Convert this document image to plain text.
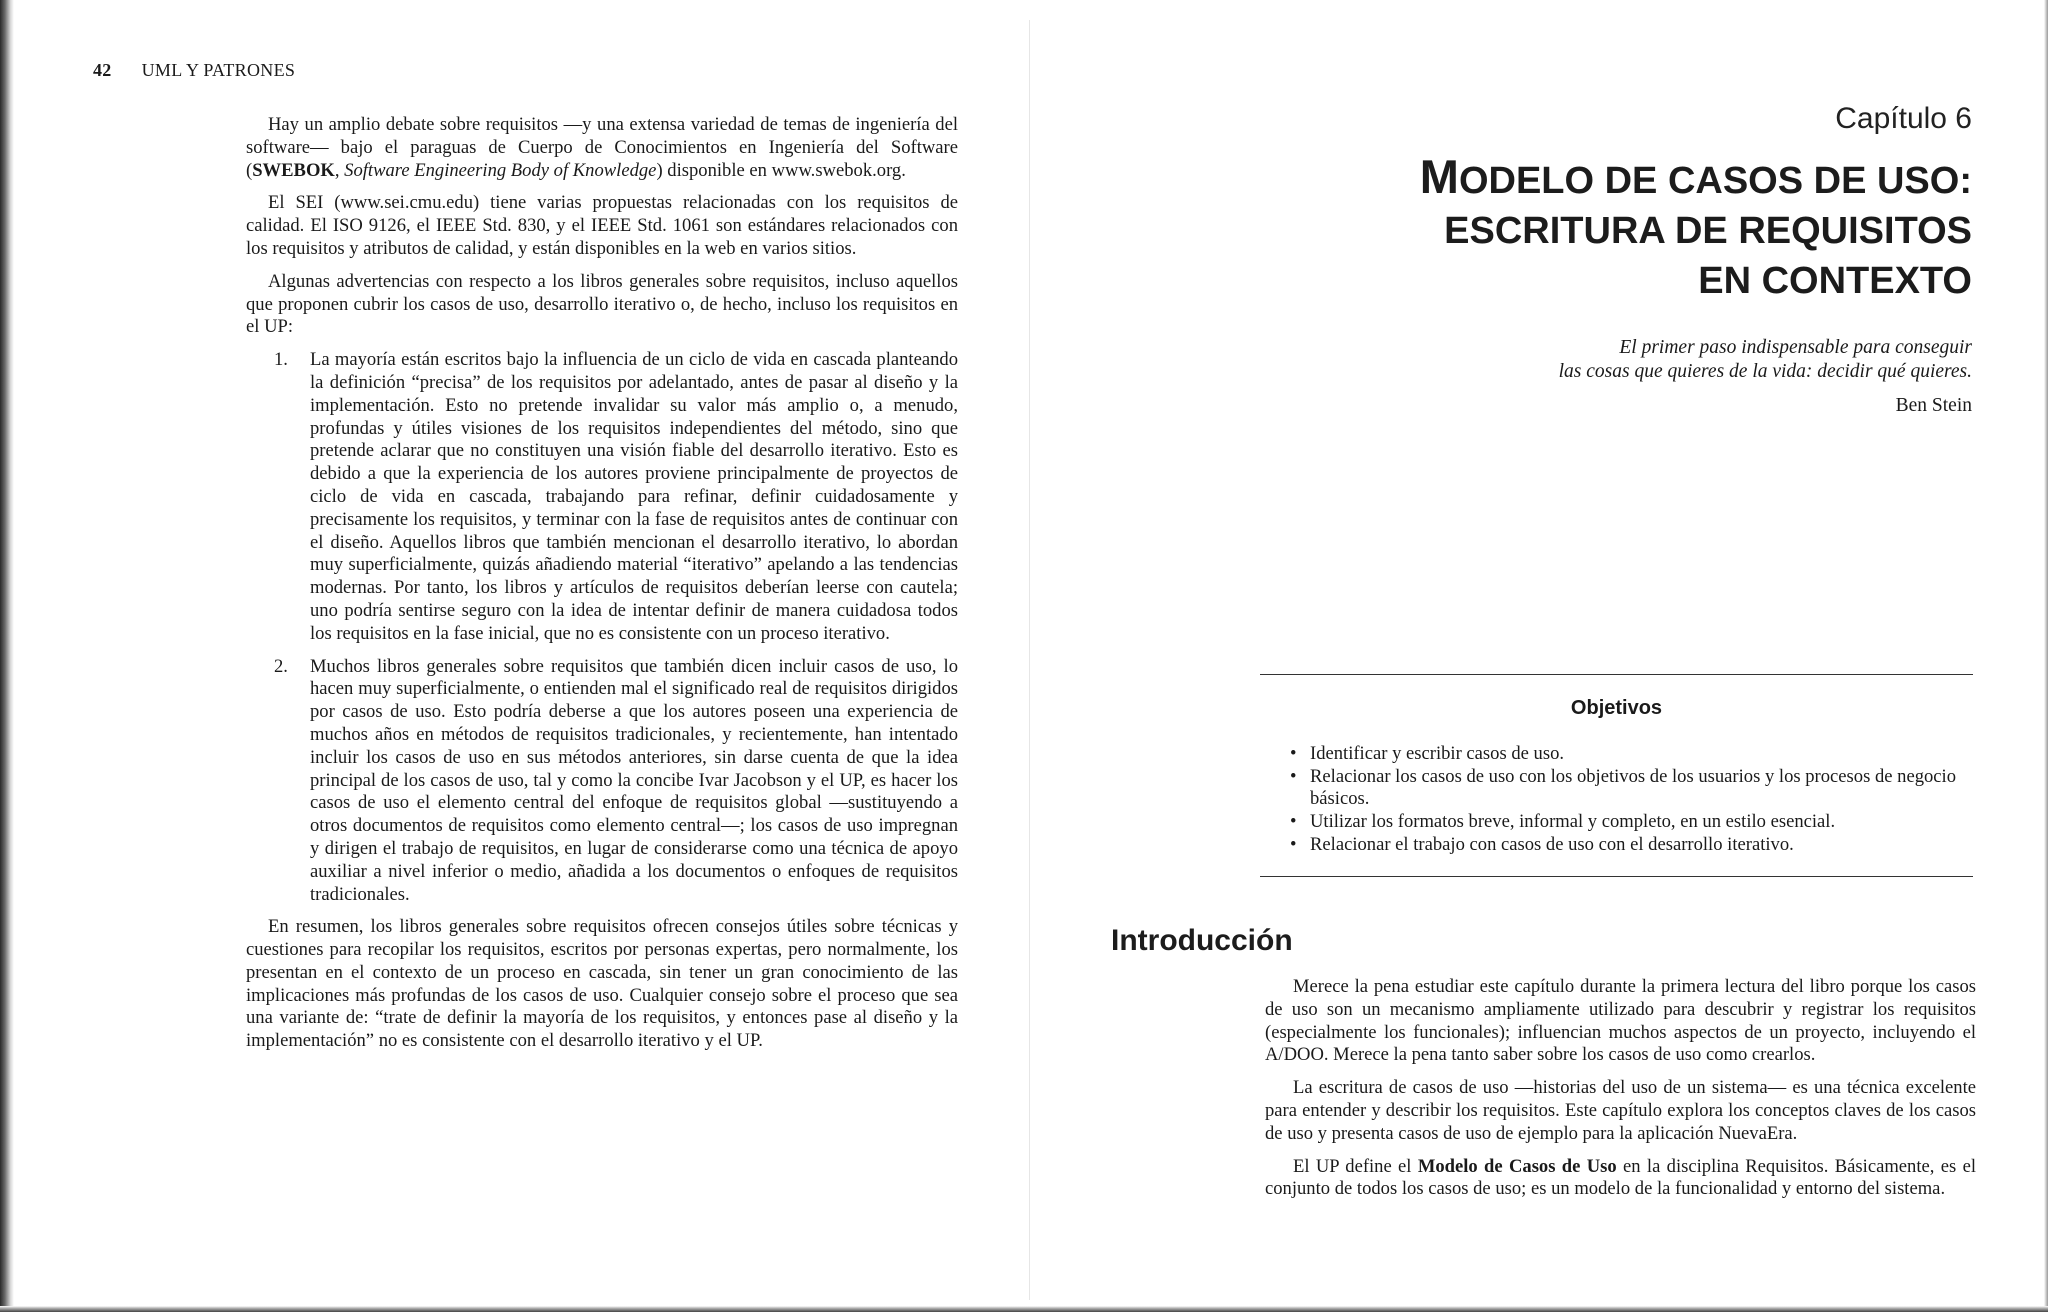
42 UML Y PATRONES

Hay un amplio debate sobre requisitos —y una extensa variedad de temas de ingeniería del software— bajo el paraguas de Cuerpo de Conocimientos en Ingeniería del Software (SWEBOK, Software Engineering Body of Knowledge) disponible en www.swebok.org.

El SEI (www.sei.cmu.edu) tiene varias propuestas relacionadas con los requisitos de calidad. El ISO 9126, el IEEE Std. 830, y el IEEE Std. 1061 son estándares relacionados con los requisitos y atributos de calidad, y están disponibles en la web en varios sitios.

Algunas advertencias con respecto a los libros generales sobre requisitos, incluso aquellos que proponen cubrir los casos de uso, desarrollo iterativo o, de hecho, incluso los requisitos en el UP:

1. La mayoría están escritos bajo la influencia de un ciclo de vida en cascada planteando la definición “precisa” de los requisitos por adelantado, antes de pasar al diseño y la implementación. Esto no pretende invalidar su valor más amplio o, a menudo, profundas y útiles visiones de los requisitos independientes del método, sino que pretende aclarar que no constituyen una visión fiable del desarrollo iterativo. Esto es debido a que la experiencia de los autores proviene principalmente de proyectos de ciclo de vida en cascada, trabajando para refinar, definir cuidadosamente y precisamente los requisitos, y terminar con la fase de requisitos antes de continuar con el diseño. Aquellos libros que también mencionan el desarrollo iterativo, lo abordan muy superficialmente, quizás añadiendo material “iterativo” apelando a las tendencias modernas. Por tanto, los libros y artículos de requisitos deberían leerse con cautela; uno podría sentirse seguro con la idea de intentar definir de manera cuidadosa todos los requisitos en la fase inicial, que no es consistente con un proceso iterativo.
2. Muchos libros generales sobre requisitos que también dicen incluir casos de uso, lo hacen muy superficialmente, o entienden mal el significado real de requisitos dirigidos por casos de uso. Esto podría deberse a que los autores poseen una experiencia de muchos años en métodos de requisitos tradicionales, y recientemente, han intentado incluir los casos de uso en sus métodos anteriores, sin darse cuenta de que la idea principal de los casos de uso, tal y como la concibe Ivar Jacobson y el UP, es hacer los casos de uso el elemento central del enfoque de requisitos global —sustituyendo a otros documentos de requisitos como elemento central—; los casos de uso impregnan y dirigen el trabajo de requisitos, en lugar de considerarse como una técnica de apoyo auxiliar a nivel inferior o medio, añadida a los documentos o enfoques de requisitos tradicionales.

En resumen, los libros generales sobre requisitos ofrecen consejos útiles sobre técnicas y cuestiones para recopilar los requisitos, escritos por personas expertas, pero normalmente, los presentan en el contexto de un proceso en cascada, sin tener un gran conocimiento de las implicaciones más profundas de los casos de uso. Cualquier consejo sobre el proceso que sea una variante de: “trate de definir la mayoría de los requisitos, y entonces pase al diseño y la implementación” no es consistente con el desarrollo iterativo y el UP.

Capítulo 6
MODELO DE CASOS DE USO:
ESCRITURA DE REQUISITOS
EN CONTEXTO
El primer paso indispensable para conseguir
las cosas que quieres de la vida: decidir qué quieres.
Ben Stein
Objetivos
• Identificar y escribir casos de uso.
• Relacionar los casos de uso con los objetivos de los usuarios y los procesos de negocio básicos.
• Utilizar los formatos breve, informal y completo, en un estilo esencial.
• Relacionar el trabajo con casos de uso con el desarrollo iterativo.
Introducción

Merece la pena estudiar este capítulo durante la primera lectura del libro porque los casos de uso son un mecanismo ampliamente utilizado para descubrir y registrar los requisitos (especialmente los funcionales); influencian muchos aspectos de un proyecto, incluyendo el A/DOO. Merece la pena tanto saber sobre los casos de uso como crearlos.

La escritura de casos de uso —historias del uso de un sistema— es una técnica excelente para entender y describir los requisitos. Este capítulo explora los conceptos claves de los casos de uso y presenta casos de uso de ejemplo para la aplicación NuevaEra.

El UP define el Modelo de Casos de Uso en la disciplina Requisitos. Básicamente, es el conjunto de todos los casos de uso; es un modelo de la funcionalidad y entorno del sistema.
